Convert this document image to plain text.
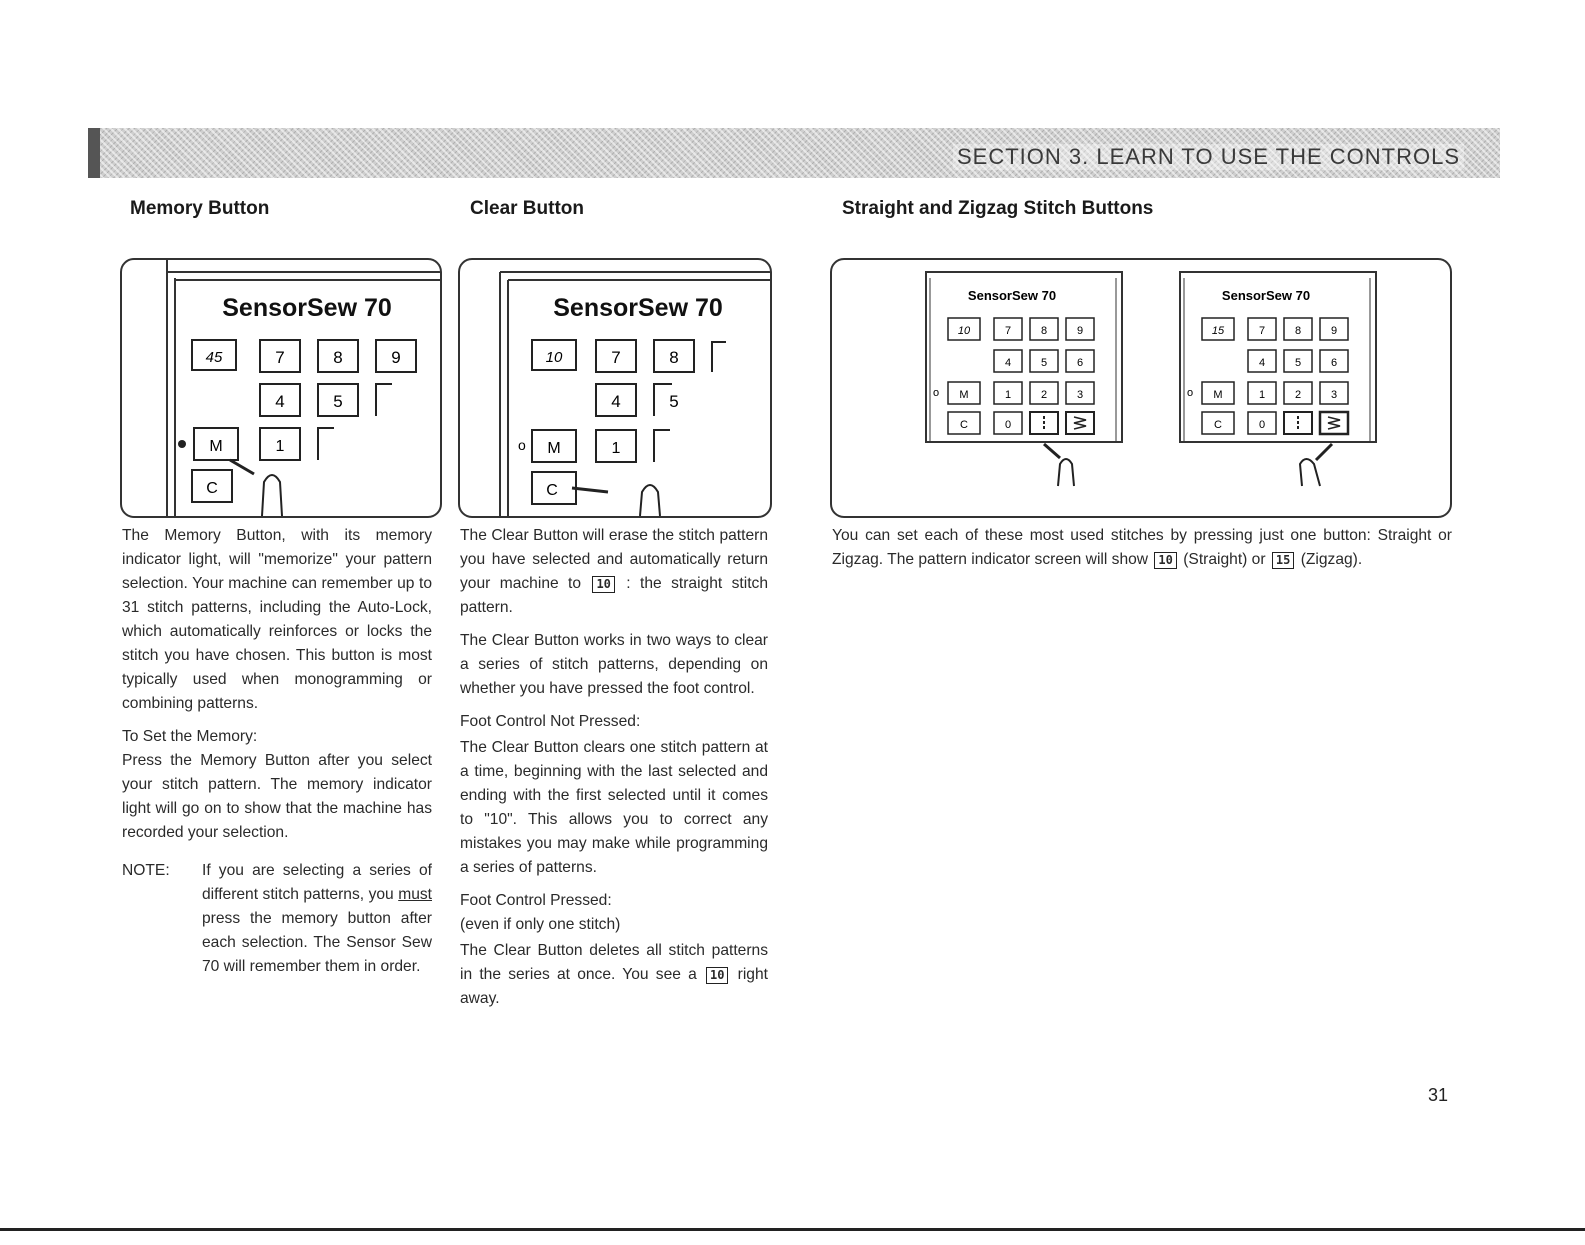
SECTION 3. LEARN TO USE THE CONTROLS
Memory Button	Clear Button	Straight and Zigzag Stitch Buttons
SensorSew 70
45	7	8	9
4	5
M	1
C
SensorSew 70
10	7	8
4	5
o M	1
C
SensorSew 70
10	7	8	9
4	5	6
o M	1	2	3
C	0
SensorSew 70
15	7	8	9
4	5	6
o M	1	2	3
C	0

The Memory Button, with its memory indicator light, will "memorize" your pattern selection. Your machine can remember up to 31 stitch patterns, including the Auto-Lock, which automatically reinforces or locks the stitch you have chosen. This button is most typically used when monogramming or combining patterns.

To Set the Memory:

Press the Memory Button after you select your stitch pattern. The memory indicator light will go on to show that the machine has recorded your selection.

NOTE:	If you are selecting a series of different stitch patterns, you must press the memory button after each selection. The Sensor Sew 70 will remember them in order.

The Clear Button will erase the stitch pattern you have selected and automatically return your machine to 10 : the straight stitch pattern.

The Clear Button works in two ways to clear a series of stitch patterns, depending on whether you have pressed the foot control.

Foot Control Not Pressed:

The Clear Button clears one stitch pattern at a time, beginning with the last selected and ending with the first selected until it comes to "10". This allows you to correct any mistakes you may make while programming a series of patterns.

Foot Control Pressed:

(even if only one stitch)

The Clear Button deletes all stitch patterns in the series at once. You see a 10 right away.

You can set each of these most used stitches by pressing just one button: Straight or Zigzag. The pattern indicator screen will show 10 (Straight) or 15 (Zigzag).

31
